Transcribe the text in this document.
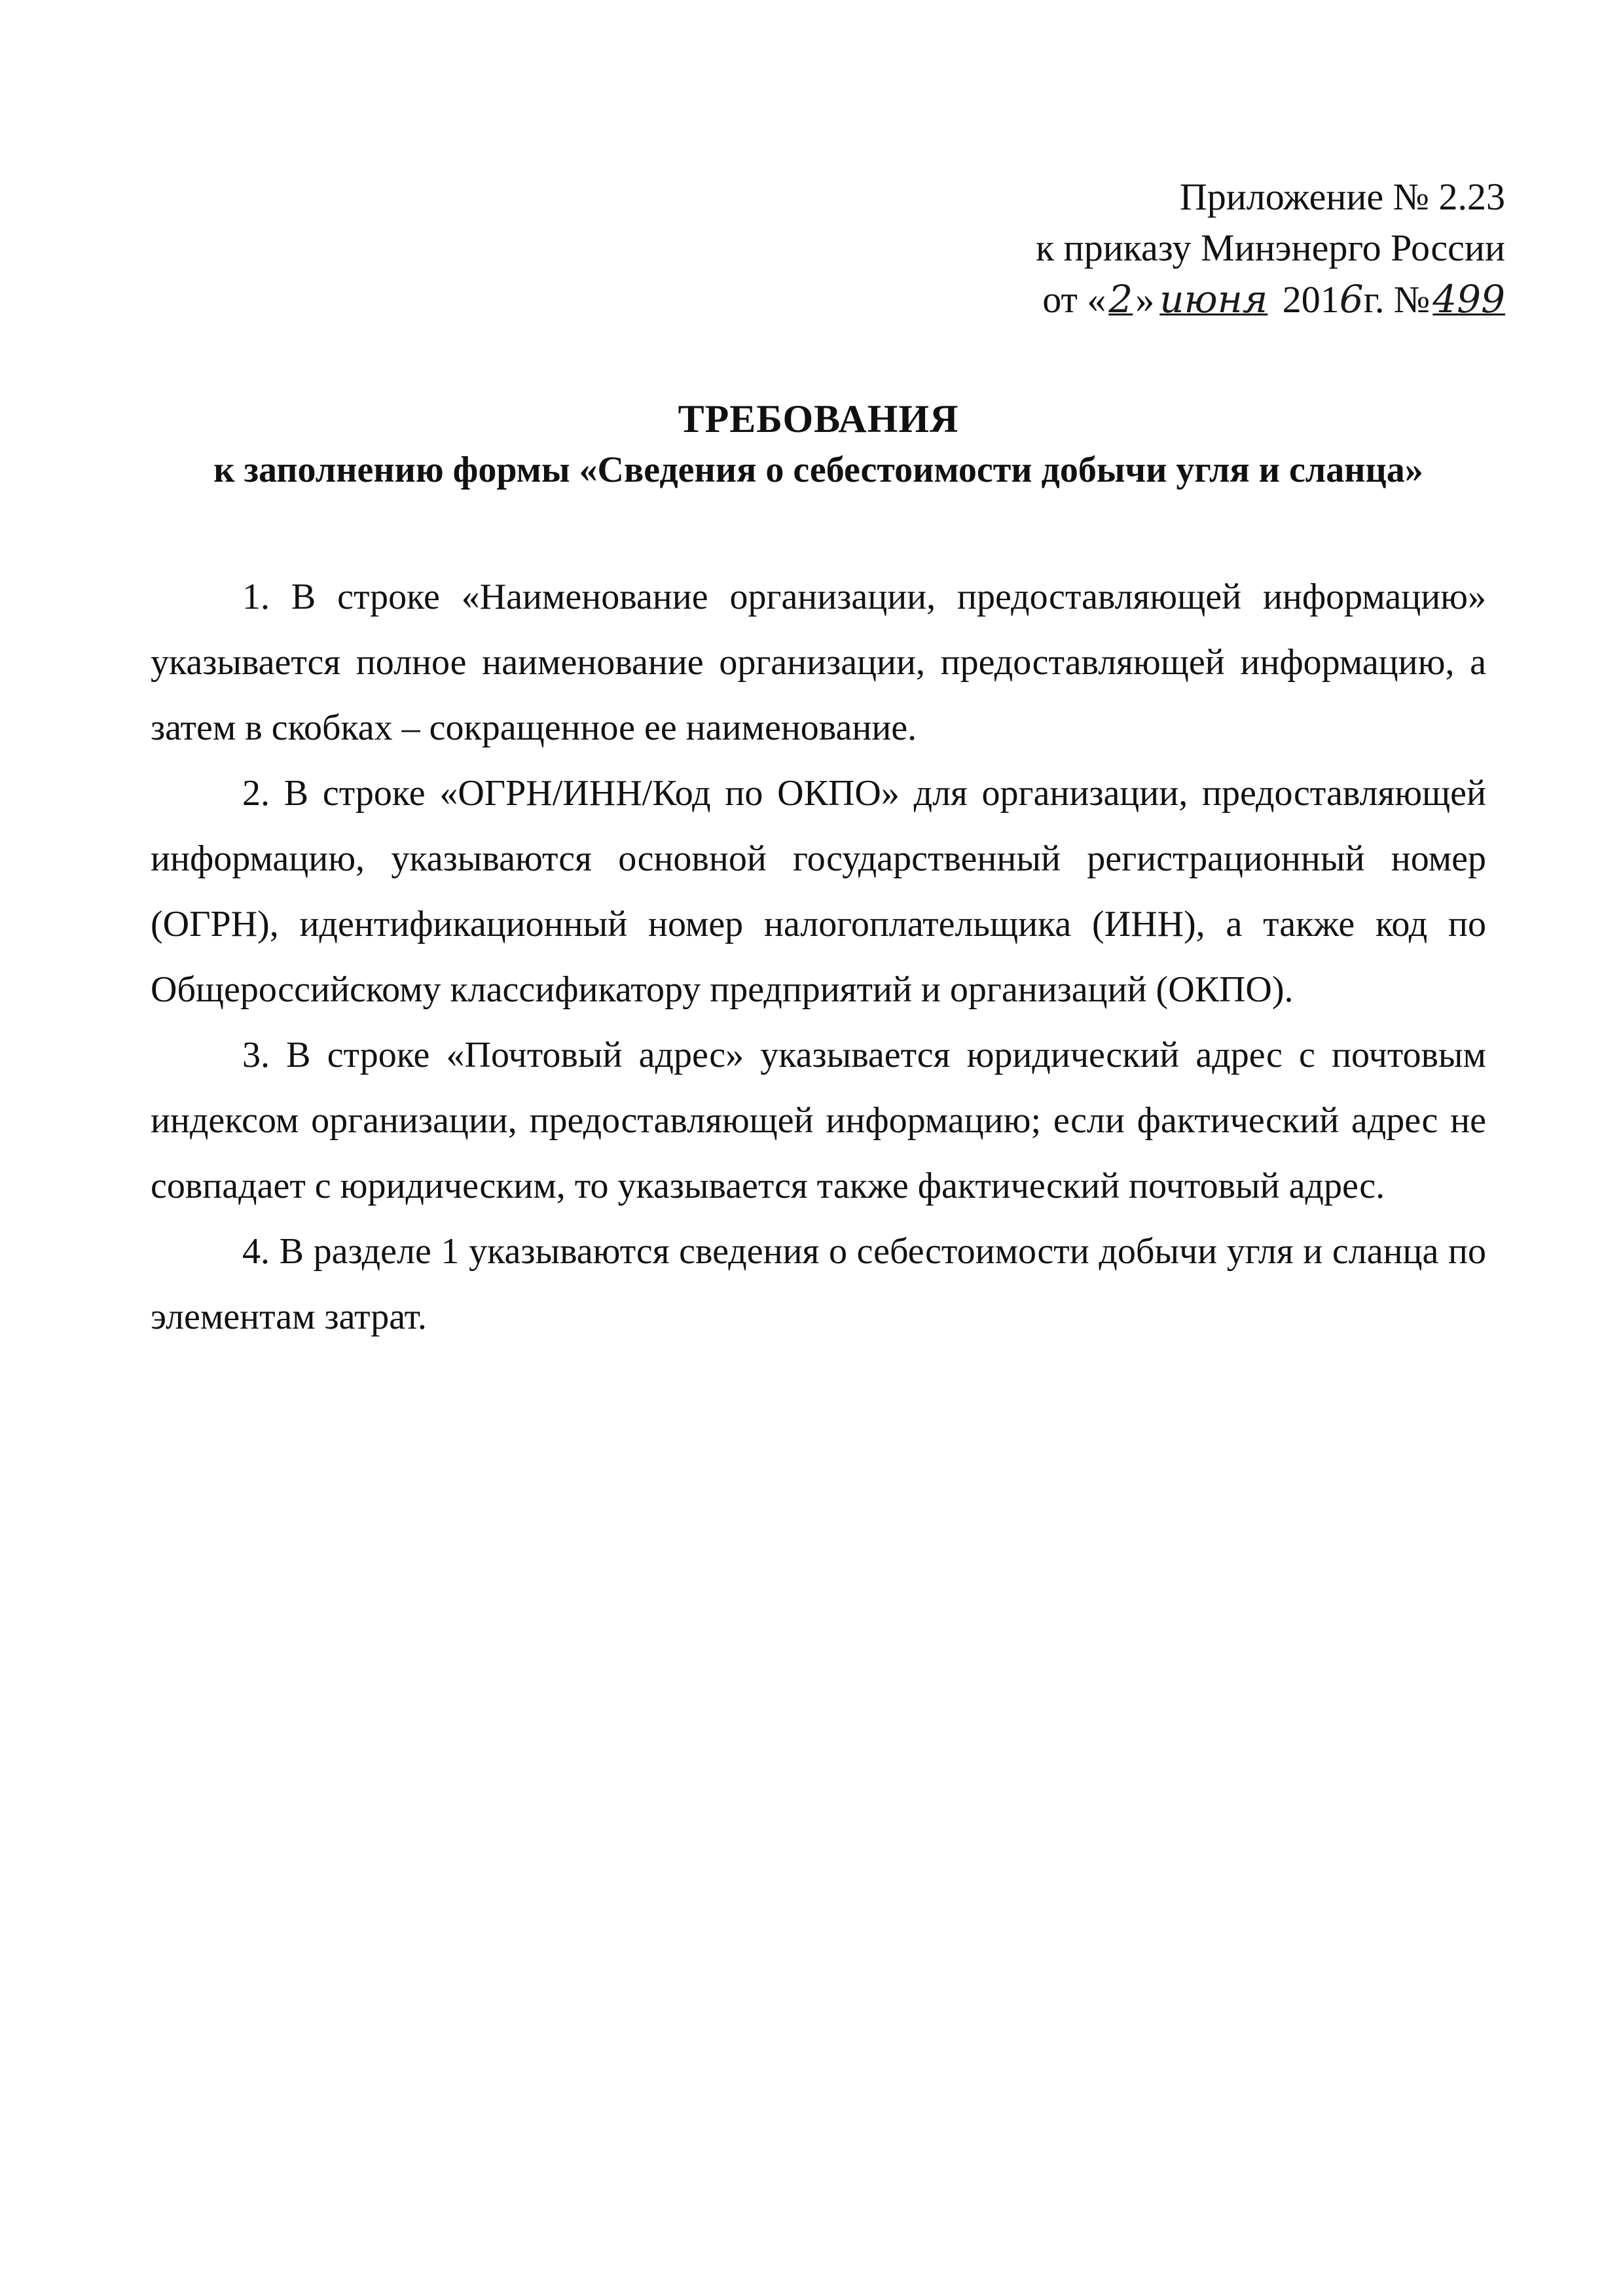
Приложение № 2.23
к приказу Минэнерго России
от «2» июня 2016г. №499
ТРЕБОВАНИЯ
к заполнению формы «Сведения о себестоимости добычи угля и сланца»

1. В строке «Наименование организации, предоставляющей информацию» указывается полное наименование организации, предоставляющей информацию, а затем в скобках – сокращенное ее наименование.

2. В строке «ОГРН/ИНН/Код по ОКПО» для организации, предоставляющей информацию, указываются основной государственный регистрационный номер (ОГРН), идентификационный номер налогоплательщика (ИНН), а также код по Общероссийскому классификатору предприятий и организаций (ОКПО).

3. В строке «Почтовый адрес» указывается юридический адрес с почтовым индексом организации, предоставляющей информацию; если фактический адрес не совпадает с юридическим, то указывается также фактический почтовый адрес.

4. В разделе 1 указываются сведения о себестоимости добычи угля и сланца по элементам затрат.
